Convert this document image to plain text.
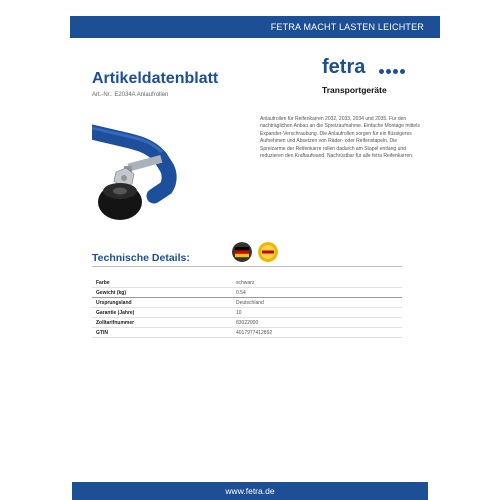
FETRA MACHT LASTEN LEICHTER
Artikeldatenblatt
Art.-Nr.: E2034A Anlaufrollen
fetra
Transportgeräte
Anlaufrollen für Reifenkarren 2032, 2033, 2034 und 2035. Für den nachträglichen Anbau an die Spreizaufnahme. Einfache Montage mittels Expander-Verschraubung. Die Anlaufrollen sorgen für ein flüssigeres Aufnehmen und Absetzen von Räder- oder Reifenstapeln. Die Spreizarme der Reifenkarre rollen dadurch am Stapel entlang und reduzieren den Kraftaufwand. Nachrüstbar für alle fetra Reifenkarren.
Technische Details:
Farbe	schwarz
Gewicht (kg)	0.54
Ursprungsland	Deutschland
Garantie (Jahre)	10
Zolltarifnummer	83022000
GTIN	4017977412892
www.fetra.de
